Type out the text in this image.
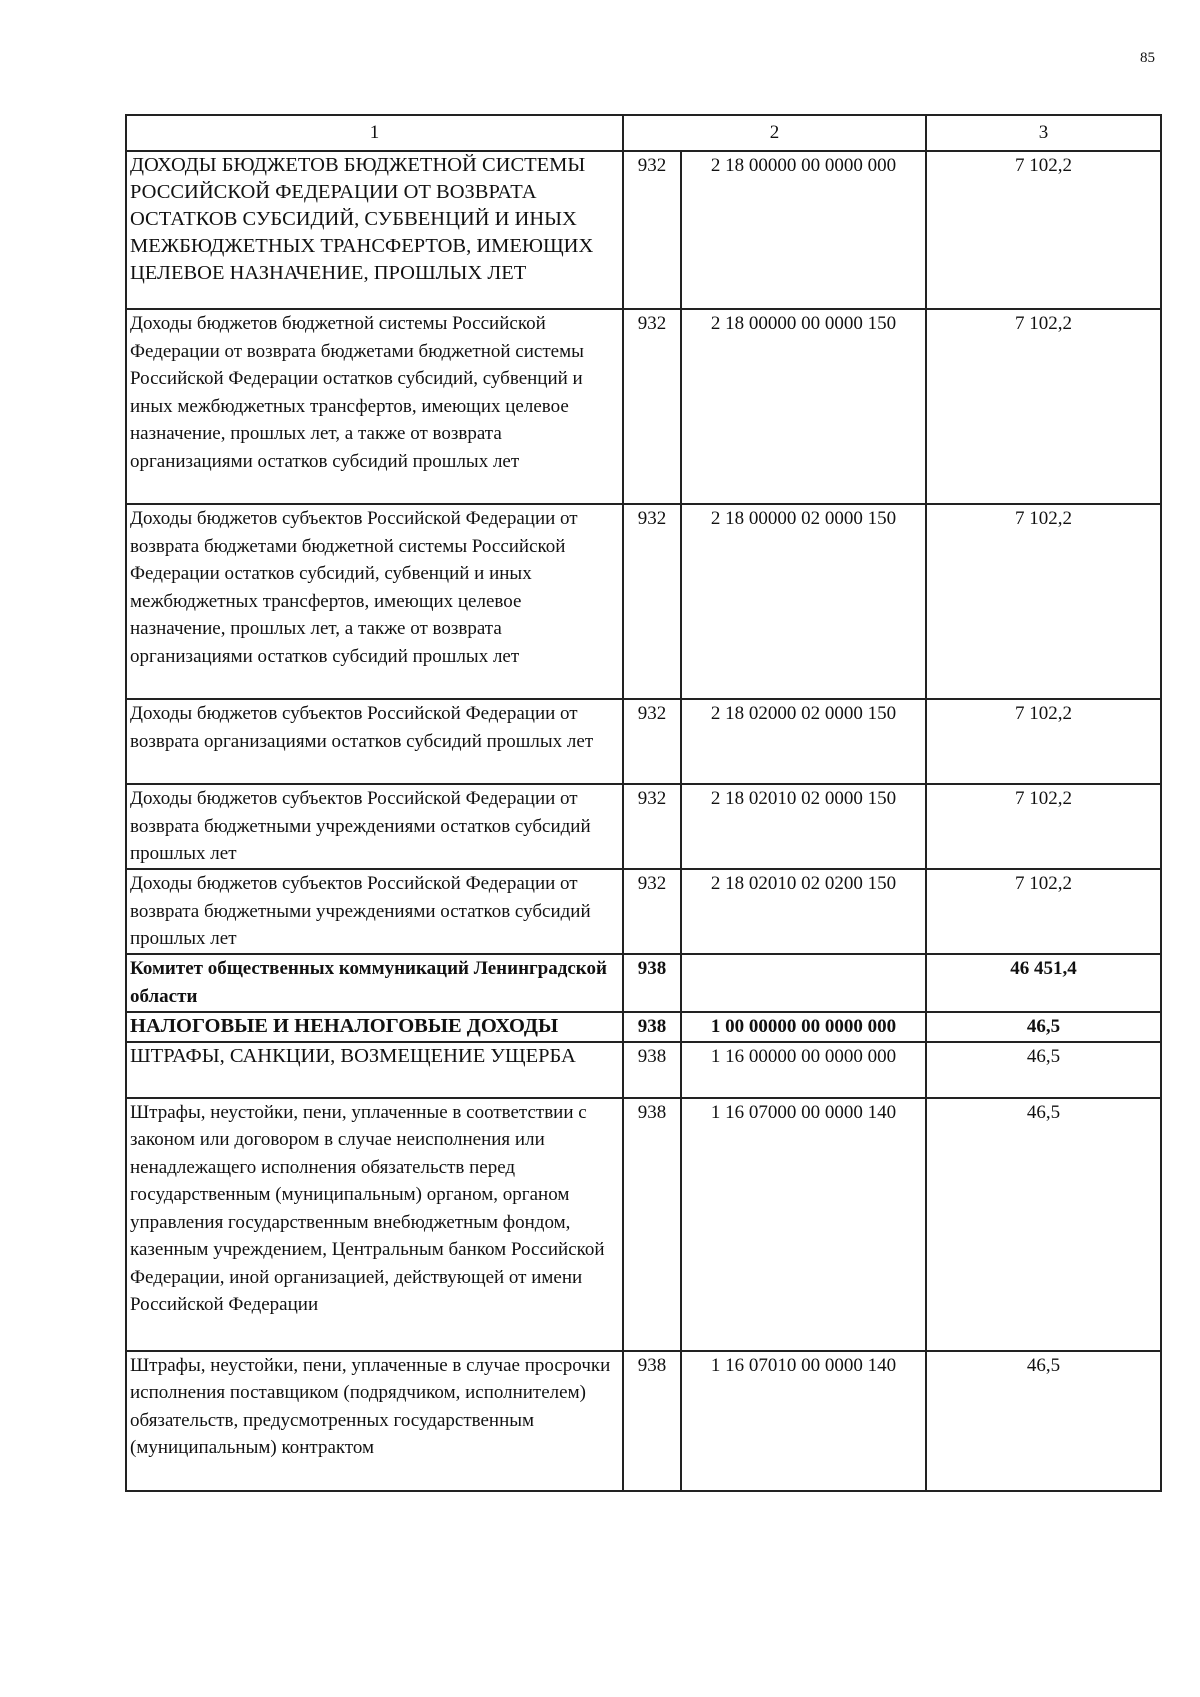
85
1	2		3
ДОХОДЫ БЮДЖЕТОВ БЮДЖЕТНОЙ СИСТЕМЫ РОССИЙСКОЙ ФЕДЕРАЦИИ ОТ ВОЗВРАТА ОСТАТКОВ СУБСИДИЙ, СУБВЕНЦИЙ И ИНЫХ МЕЖБЮДЖЕТНЫХ ТРАНСФЕРТОВ, ИМЕЮЩИХ ЦЕЛЕВОЕ НАЗНАЧЕНИЕ, ПРОШЛЫХ ЛЕТ	932	2 18 00000 00 0000 000	7 102,2
Доходы бюджетов бюджетной системы Российской Федерации от возврата бюджетами бюджетной системы Российской Федерации остатков субсидий, субвенций и иных межбюджетных трансфертов, имеющих целевое назначение, прошлых лет, а также от возврата организациями остатков субсидий прошлых лет	932	2 18 00000 00 0000 150	7 102,2
Доходы бюджетов субъектов Российской Федерации от возврата бюджетами бюджетной системы Российской Федерации остатков субсидий, субвенций и иных межбюджетных трансфертов, имеющих целевое назначение, прошлых лет, а также от возврата организациями остатков субсидий прошлых лет	932	2 18 00000 02 0000 150	7 102,2
Доходы бюджетов субъектов Российской Федерации от возврата организациями остатков субсидий прошлых лет	932	2 18 02000 02 0000 150	7 102,2
Доходы бюджетов субъектов Российской Федерации от возврата бюджетными учреждениями остатков субсидий прошлых лет	932	2 18 02010 02 0000 150	7 102,2
Доходы бюджетов субъектов Российской Федерации от возврата бюджетными учреждениями остатков субсидий прошлых лет	932	2 18 02010 02 0200 150	7 102,2
Комитет общественных коммуникаций Ленинградской области	938		46 451,4
НАЛОГОВЫЕ И НЕНАЛОГОВЫЕ ДОХОДЫ	938	1 00 00000 00 0000 000	46,5
ШТРАФЫ, САНКЦИИ, ВОЗМЕЩЕНИЕ УЩЕРБА	938	1 16 00000 00 0000 000	46,5
Штрафы, неустойки, пени, уплаченные в соответствии с законом или договором в случае неисполнения или ненадлежащего исполнения обязательств перед государственным (муниципальным) органом, органом управления государственным внебюджетным фондом, казенным учреждением, Центральным банком Российской Федерации, иной организацией, действующей от имени Российской Федерации	938	1 16 07000 00 0000 140	46,5
Штрафы, неустойки, пени, уплаченные в случае просрочки исполнения поставщиком (подрядчиком, исполнителем) обязательств, предусмотренных государственным (муниципальным) контрактом	938	1 16 07010 00 0000 140	46,5
